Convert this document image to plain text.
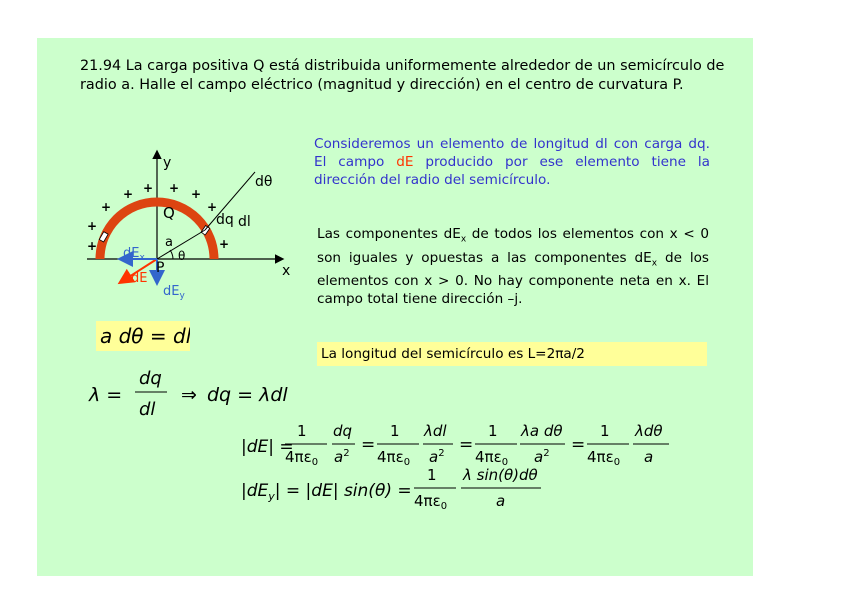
21.94 La carga positiva Q está distribuida uniformemente alrededor de un semicírculo de radio a. Halle el campo eléctrico (magnitud y dirección) en el centro de curvatura P.
+
+
+
+ + + +
+
+
y
x
dθ
Q	dq dl
a
θ
P
$dE_x$
dE
$dE_y$
a dθ = dl
Consideremos un elemento de longitud dl con carga dq. El campo dE producido por ese elemento tiene la dirección del radio del semicírculo.
Las componentes $dE_x$ de todos los elementos con x < 0 son iguales y opuestas a las componentes $dE_x$ de los elementos con x > 0. No hay componente neta en x. El campo total tiene dirección –j.
La longitud del semicírculo es L=2πa/2
λ =
dq
dl
⇒ dq = λdl
|dE| =
1
$4\pi\varepsilon_0$
dq
$a^2$ =
1
$4\pi\varepsilon_0$
λdl
$a^2$ =
1
$4\pi\varepsilon_0$
λa dθ
$a^2$ =
1
$4\pi\varepsilon_0$
λdθ
a
$|dE_y| = |dE|$ sin(θ) =
1
$4\pi\varepsilon_0$
λ sin(θ)dθ
a
